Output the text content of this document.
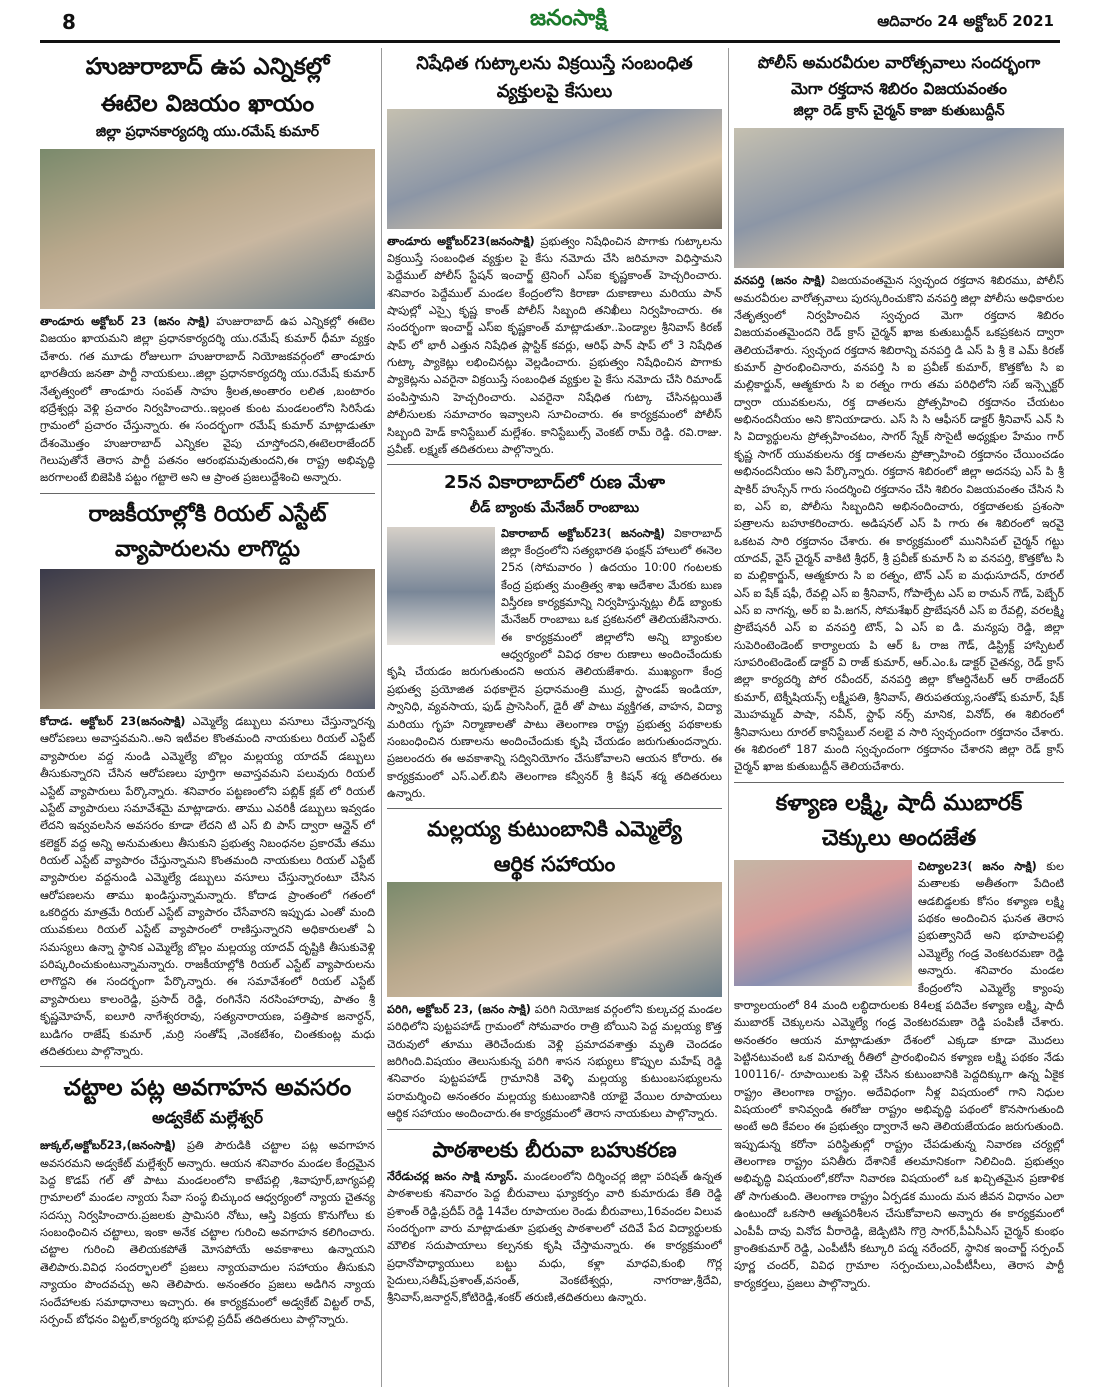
8	జనంసాక్షి	ఆదివారం 24 అక్టోబర్ 2021
హుజురాబాద్ ఉప ఎన్నికల్లో
ఈటెల విజయం ఖాయం
జిల్లా ప్రధానకార్యదర్శి యు.రమేష్ కుమార్
తాండూరు అక్టోబర్ 23 (జనం సాక్షి) హుజురాబాద్ ఉప ఎన్నికల్లో ఈటెల విజయం ఖాయమని జిల్లా ప్రధానకార్యదర్శి యు.రమేష్ కుమార్ ధీమా వ్యక్తం చేశారు. గత మూడు రోజులుగా హుజురాబాద్ నియోజకవర్గంలో తాండూరు భారతీయ జనతా పార్టీ నాయకులు..జిల్లా ప్రధానకార్యదర్శి యు.రమేష్ కుమార్ నేతృత్వంలో తాండూరు సంపత్ సాహు శ్రీలత,అంతారం లలిత ,బంటారం భద్రేశ్వర్లు వెళ్లి ప్రచారం నిర్వహించారు..ఇల్లంత కుంట మండలంలోని సిరిసేడు గ్రామంలో ప్రచారం చేస్తున్నారు. ఈ సందర్భంగా రమేష్ కుమార్ మాట్లాడుతూ దేశంమొత్తం హుజురాబాద్ ఎన్నికల వైపు చూస్తోందని,ఈటెలరాజేందర్ గెలుపుతోనే తెరాస పార్టీ పతనం ఆరంభమవుతుందని,ఈ రాష్ట్ర అభివృద్ధి జరగాలంటే బిజెపికి పట్టం గట్టాలె అని ఆ ప్రాంత ప్రజలుద్దేశించి అన్నారు.
రాజకీయాల్లోకి రియల్ ఎస్టేట్
వ్యాపారులను లాగొద్దు
కోదాడ. అక్టోబర్ 23(జనంసాక్షి) ఎమ్మెల్యే డబ్బులు వసూలు చేస్తున్నారన్న ఆరోపణలు అవాస్తవమని..అని ఇటీవల కొంతమంది నాయకులు రియల్ ఎస్టేట్ వ్యాపారుల వద్ద నుండి ఎమ్మెల్యే బొల్లం మల్లయ్య యాదవ్ డబ్బులు తీసుకున్నారని చేసిన ఆరోపణలు పూర్తిగా అవాస్తవమని పలువురు రియల్ ఎస్టేట్ వ్యాపారులు పేర్కొన్నారు. శనివారం పట్టణంలోని పబ్లిక్ క్లబ్ లో రియల్ ఎస్టేట్ వ్యాపారులు సమావేశమై మాట్లాడారు. తాము ఎవరికీ డబ్బులు ఇవ్వడం లేదని ఇవ్వవలసిన అవసరం కూడా లేదని టి ఎస్ బి పాస్ ద్వారా ఆన్లైన్ లో కలెక్టర్ వద్ద అన్ని అనుమతులు తీసుకుని ప్రభుత్వ నిబంధనల ప్రకారమే తము రియల్ ఎస్టేట్ వ్యాపారం చేస్తున్నామని కొంతమంది నాయకులు రియల్ ఎస్టేట్ వ్యాపారుల వద్దనుండి ఎమ్మెల్యే డబ్బులు వసూలు చేస్తున్నారంటూ చేసిన ఆరోపణలను తాము ఖండిస్తున్నామన్నారు. కోదాడ ప్రాంతంలో గతంలో ఒకరిద్దరు మాత్రమే రియల్ ఎస్టేట్ వ్యాపారం చేసేవారని ఇప్పుడు ఎంతో మంది యువకులు రియల్ ఎస్టేట్ వ్యాపారంలో రాణిస్తున్నారని అధికారులతో ఏ సమస్యలు ఉన్నా స్థానిక ఎమ్మెల్యే బొల్లం మల్లయ్య యాదవ్ దృష్టికి తీసుకువెళ్లి పరిష్కరించుకుంటున్నామన్నారు. రాజకీయాల్లోకి రియల్ ఎస్టేట్ వ్యాపారులను లాగొద్దని ఈ సందర్భంగా పేర్కొన్నారు. ఈ సమావేశంలో రియల్ ఎస్టేట్ వ్యాపారులు కాలంరెడ్డి, ప్రసాద్ రెడ్డి, రంగినేని నరసింహారావు, పాతం శ్రీ కృష్ణమోహన్, ఐలూరి నాగేశ్వరరావు, సత్యనారాయణ, పత్తిపాక జనార్ధన్, బుడిగం రాజేష్ కుమార్ ,మర్రి సంతోష్ ,వెంకటేశం, చింతకుంట్ల మధు తదితరులు పాల్గొన్నారు.
చట్టాల పట్ల అవగాహన అవసరం
అడ్వకేట్ మల్లేశ్వర్
జుక్కల్,అక్టోబర్23,(జనంసాక్షి) ప్రతి పౌరుడికి చట్టాల పట్ల అవగాహన అవసరమని అడ్వకేట్ మల్లేశ్వర్ అన్నారు. ఆయన శనివారం మండల కేంద్రమైన పెద్ద కొడప్ గల్ తో పాటు మండలంలోని కాటేపల్లి ,శివాపూర్,బాగ్యపల్లి గ్రామాలలో మండల న్యాయ సేవా సంస్థ బిచ్కుంద ఆధ్వర్యంలో న్యాయ చైతన్య సదస్సు నిర్వహించారు.ప్రజలకు ప్రామిసరి నోటు, ఆస్తి విక్రయ కొనుగోలు కు సంబంధించిన చట్టాలు, ఇంకా అనేక చట్టాల గురించి అవగాహన కలిగించారు. చట్టాల గురించి తెలియకపోతే మోసపోయే అవకాశాలు ఉన్నాయని తెలిపారు.వివిధ సందర్భాలలో ప్రజలు న్యాయవాదుల సహాయం తీసుకుని న్యాయం పొందవచ్చు అని తెలిపారు. అనంతరం ప్రజలు అడిగిన న్యాయ సందేహాలకు సమాధానాలు ఇచ్చారు. ఈ కార్యక్రమంలో అడ్వకేట్ విట్టల్ రావ్, సర్పంచ్ బోధనం విట్టల్,కార్యదర్శి భూపల్లి ప్రదీప్ తదితరులు పాల్గొన్నారు.
నిషేధిత గుట్కాలను విక్రయిస్తే సంబంధిత
వ్యక్తులపై కేసులు
తాండూరు అక్టోబర్23(జనంసాక్షి) ప్రభుత్వం నిషేధించిన పొగాకు గుట్కాలను విక్రయిస్తే సంబంధిత వ్యక్తుల పై కేసు నమోదు చేసి జరిమానా విధిస్తామని పెద్దేముల్ పోలీస్ స్టేషన్ ఇంచార్జ్ ట్రెనింగ్ ఎస్ఐ కృష్ణకాంత్ హెచ్చరించారు. శనివారం పెద్దేముల్ మండల కేంద్రంలోని కిరాణా దుకాణాలు మరియు పాన్ షాపుల్లో ఎస్సై కృష్ణ కాంత్ పోలీస్ సిబ్బంది తనిఖీలు నిర్వహించారు. ఈ సందర్భంగా ఇంచార్జ్ ఎస్ఐ కృష్ణకాంత్ మాట్లాడుతూ..పెండ్యాల శ్రీనివాస్ కిరణ్ షాప్ లో భారీ ఎత్తున నిషేధిత ప్లాస్టిక్ కవర్లు, ఆరిఫ్ పాన్ షాప్ లో 3 నిషేధిత గుట్కా ప్యాకెట్లు లభించినట్లు వెల్లడించారు. ప్రభుత్వం నిషేధించిన పొగాకు ప్యాకెట్లను ఎవరైనా విక్రయిస్తే సంబంధిత వ్యక్తుల పై కేసు నమోదు చేసి రిమాండ్ పంపిస్తామని హెచ్చరించారు. ఎవరైనా నిషేధిత గుట్కా చేసినట్లయితే పోలీసులకు సమాచారం ఇవ్వాలని సూచించారు. ఈ కార్యక్రమంలో పోలీస్ సిబ్బంది హెడ్ కానిస్టేబుల్ మల్లేశం. కానిస్టేబుల్స్ వెంకట్ రామ్ రెడ్డి. రవి.రాజు. ప్రవీణ్. లక్ష్మణ్ తదితరులు పాల్గొన్నారు.
25న వికారాబాద్‌లో రుణ మేళా
లీడ్ బ్యాంకు మేనేజర్ రాంబాబు
వికారాబాద్ అక్టోబర్23( జనంసాక్షి) వికారాబాద్ జిల్లా కేంద్రంలోని సత్యభారతి ఫంక్షన్ హాలులో ఈనెల 25న (సోమవారం ) ఉదయం 10:00 గంటలకు కేంద్ర ప్రభుత్వ మంత్రిత్వ శాఖ ఆదేశాల మేరకు బుణ విస్తీరణ కార్యక్రమాన్ని నిర్వహిస్తున్నట్లు లీడ్ బ్యాంకు మేనేజర్ రాంబాబు ఒక ప్రకటనలో తెలియజేసినారు. ఈ కార్యక్రమంలో జిల్లాలోని అన్ని బ్యాంకుల ఆధ్వర్యంలో వివిధ రకాల రుణాలు అందించేందుకు కృషి చేయడం జరుగుతుందని అయన తెలియజేశారు. ముఖ్యంగా కేంద్ర ప్రభుత్వ ప్రయోజిత పథకాలైన ప్రధానమంత్రి ముద్ర, స్టాండప్ ఇండియా, స్వానిధి, వ్యవసాయ, ఫుడ్ ప్రాసెసింగ్, డైరీ తో పాటు వ్యక్తిగత, వాహన, విద్యా మరియు గృహ నిర్మాణాలతో పాటు తెలంగాణ రాష్ట్ర ప్రభుత్వ పథకాలకు సంబంధించిన రుణాలను అందించేందుకు కృషి చేయడం జరుగుతుందన్నారు. ప్రజలందరు ఈ అవకాశాన్ని సద్వినియోగం చేసుకోవాలని ఆయన కోరారు. ఈ కార్యక్రమంలో ఎస్.ఎల్.బిసి తెలంగాణ కన్వీనర్ శ్రీ కిషన్ శర్మ తదితరులు ఉన్నారు.
మల్లయ్య కుటుంబానికి ఎమ్మెల్యే
ఆర్థిక సహాయం
పరిగి, అక్టోబర్ 23, (జనం సాక్షి) పరిగి నియోజక వర్గంలోని కుల్కచర్ల మండల పరిధిలోని పుట్టపహాడ్ గ్రామంలో సోమవారం రాత్రి బోయిని పెద్ద మల్లయ్య కొత్త చెరువులో తూము తెరిచేందుకు వెళ్లి ప్రమాదవశాత్తు మృతి చెందడం జరిగింది.విషయం తెలుసుకున్న పరిగి శాసన సభ్యులు కొప్పుల మహేష్ రెడ్డి శనివారం పుట్టపహాడ్ గ్రామానికి వెళ్ళి మల్లయ్య కుటుంబసభ్యులను పరామర్శించి అనంతరం మల్లయ్య కుటుంబానికి యాభై వేయిల రూపాయలు ఆర్థిక సహాయం అందించారు.ఈ కార్యక్రమంలో తెరాస నాయకులు పాల్గొన్నారు.
పాఠశాలకు బీరువా బహుకరణ
నేరేడుచర్ల జనం సాక్షి న్యూస్. మండలంలోని దిర్శించర్ల జిల్లా పరిషత్ ఉన్నత పాఠశాలకు శనివారం పెద్ద బీరువాలు ఘ్యాకర్పం వారి కుమారుడు కేతి రెడ్డి ప్రశాంత్ రెడ్డి,ప్రదీప్ రెడ్డి 14వేల రూపాయల రెండు బీరువాలు,16వందల విలువ సందర్భంగా వారు మాట్లాడుతూ ప్రభుత్వ పాఠశాలలో చదివే పేద విద్యార్థులకు మౌలిక సదుపాయాలు కల్పనకు కృషి చేస్తామన్నారు. ఈ కార్యక్రమంలో ప్రధానోపాధ్యాయులు బట్టు మధు, కళ్లా మాధవి,కుంభి గొర్ల సైదులు,సతీష్,ప్రశాంత్,వసంత్, వెంకటేశ్వర్లు, నాగరాజు,శ్రీదేవి, శ్రీనివాస్,జనార్దన్,కోటిరెడ్డి,శంకర్ తరుణి,తదితరులు ఉన్నారు.
పోలీస్ అమరవీరుల వారోత్సవాలు సందర్భంగా
మెగా రక్తదాన శిబిరం విజయవంతం
జిల్లా రెడ్ క్రాస్ చైర్మన్ కాజా కుతుబుద్దీన్
వనపర్తి (జనం సాక్షి) విజయవంతమైన స్వచ్ఛంద రక్తదాన శిబిరము, పోలీస్ అమరవీరుల వారోత్సవాలు పురస్కరించుకొని వనపర్తి జిల్లా పోలీసు అధికారుల నేతృత్వంలో నిర్వహించిన స్వచ్ఛంద మెగా రక్తదాన శిబిరం విజయవంతమైందని రెడ్ క్రాస్ చైర్మన్ ఖాజ కుతుబుద్దీన్ ఒకప్రకటన ద్వారా తెలియచేశారు. స్వచ్ఛంద రక్తదాన శిబిరాన్ని వనపర్తి డి ఎస్ పి శ్రీ కె ఎమ్ కిరణ్ కుమార్ ప్రారంభించినారు, వనపర్తి సి ఐ ప్రవీణ్ కుమార్, కొత్తకోట సి ఐ మల్లికార్జున్, ఆత్మకూరు సి ఐ రత్నం గారు తమ పరిధిలోని సబ్ ఇన్స్పెక్టర్ ద్వారా యువకులను, రక్త దాతలను ప్రోత్సహించి రక్తదానం చేయటం అభినందనీయం అని కొనియాడారు. ఎస్ సి సి ఆఫీసర్ డాక్టర్ శ్రీనివాస్ ఎన్ సి సి విద్యార్థులను ప్రోత్సహించటం, సాగర్ స్నేక్ సొసైటీ అధ్యక్షుల హేమం గార్ కృష్ణ సాగర్ యువకులను రక్త దాతలను ప్రోత్సాహించి రక్తదానం చేయించడం అభినందనీయం అని పేర్కొన్నారు. రక్తదాన శిబిరంలో జిల్లా అదనపు ఎస్ పి శ్రీ షాకిర్ హుస్సేన్ గారు సందర్శించి రక్తదానం చేసి శిబిరం విజయవంతం చేసిన సి ఐ, ఎస్ ఐ, పోలీసు సిబ్బందిని అభినందించారు, రక్తదాతలకు ప్రశంసా పత్రాలను బహూకరించారు. అడిషనల్ ఎస్ పి గారు ఈ శిబిరంలో ఇరవై ఒకటవ సారి రక్తదానం చేశారు. ఈ కార్యక్రమంలో మునిసిపల్ చైర్మన్ గట్టు యాదవ్, వైస్ చైర్మన్ వాకిటి శ్రీధర్, శ్రీ ప్రవీణ్ కుమార్ సి ఐ వనపర్తి, కొత్తకోట సి ఐ మల్లికార్జున్, ఆత్మకూరు సి ఐ రత్నం, టౌన్ ఎస్ ఐ మధుసూదన్, రూరల్ ఎస్ ఐ షేక్ షఫీ, రేవల్లి ఎస్ ఐ శ్రీనివాస్, గోపాల్పేట ఎస్ ఐ రామన్ గౌడ్, పెబ్బేర్ ఎస్ ఐ నాగన్న, అర్ ఐ పి.జగన్, సోమశేఖర్ ప్రొబేషనరీ ఎస్ ఐ రేవల్లి, వరలక్ష్మి ప్రొబేషనరీ ఎస్ ఐ వనపర్తి టౌన్, ఏ ఎస్ ఐ డి. మన్యపు రెడ్డి, జిల్లా సుపెరింటెండెంట్ కార్యాలయ పి ఆర్ ఓ రాజ గౌడ్, డిస్ట్రిక్ట్ హాస్పిటల్ సూపరింటెండెంట్ డాక్టర్ వి రాజ్ కుమార్, ఆర్.ఎం.ఓ డాక్టర్ చైతన్య, రెడ్ క్రాస్ జిల్లా కార్యదర్శి పోర రవీందర్, వనపర్తి జిల్లా కోఆర్డినేటర్ ఆర్ రాజేందర్ కుమార్, టెక్నీషియన్స్ లక్ష్మీపతి, శ్రీనివాస్, తిరుపతయ్య,సంతోష్ కుమార్, షేక్ మొహమ్మద్ పాషా, నవీన్, స్టాఫ్ నర్స్ మానిక, వినోద్, ఈ శిబిరంలో శ్రీనివాసులు రూరల్ కానిస్టేబుల్ నలభై వ సారి స్వచ్చందంగా రక్తదానం చేశారు. ఈ శిబిరంలో 187 మంది స్వచ్ఛందంగా రక్తదానం చేశారని జిల్లా రెడ్ క్రాస్ చైర్మన్ ఖాజ కుతుబుద్దీన్ తెలియచేశారు.
కళ్యాణ లక్ష్మి, షాదీ ముబారక్
చెక్కులు అందజేత
చిట్యాల23( జనం సాక్షి) కుల మతాలకు అతీతంగా పేదింటి ఆడబిడ్డలకు కోసం కళ్యాణ లక్ష్మి పథకం అందించిన ఘనత తెరాస ప్రభుత్వానిదే అని భూపాలపల్లి ఎమ్మెల్యే గండ్ర వెంకటరమణా రెడ్డి అన్నారు. శనివారం మండల కేంద్రంలోని ఎమ్మెల్యే క్యాంపు కార్యాలయంలో 84 మంది లబ్ధిదారులకు 84లక్ష పదివేల కళ్యాణ లక్ష్మి, షాదీ ముబారక్ చెక్కులను ఎమ్మెల్యే గండ్ర వెంకటరమణా రెడ్డి పంపిణీ చేశారు. అనంతరం ఆయన మాట్లాడుతూ దేశంలో ఎక్కడా కూడా మొదలు పెట్టినటువంటి ఒక వినూత్న రీతిలో ప్రారంభించిన కళ్యాణ లక్ష్మి పథకం నేడు 100116/- రూపాయిలకు పెళ్లి చేసిన కుటుంబానికి పెద్దదిక్కుగా ఉన్న ఏకైక రాష్ట్రం తెలంగాణ రాష్ట్రం. అదేవిధంగా నీళ్ల విషయంలో గాని నిధుల విషయంలో కానివ్వండి ఈరోజు రాష్ట్రం అభివృద్ధి పథంలో కొనసాగుతుంది అంటే అది కేవలం ఈ ప్రభుత్వం ద్వారానే అని తెలియజేయడం జరుగుతుంది. ఇప్పుడున్న కరోనా పరిస్థితుల్లో రాష్ట్రం చేపడుతున్న నివారణ చర్యల్లో తెలంగాణ రాష్ట్రం పనితీరు దేశానికే తలమానికంగా నిలిచింది. ప్రభుత్వం అభివృద్ధి విషయంలో,కరోనా నివారణ విషయంలో ఒక ఖచ్చితమైన ప్రణాళిక తో సాగుతుంది. తెలంగాణ రాష్ట్రం ఏర్పడక ముందు మన జీవన విధానం ఎలా ఉంటుందో ఒకసారి ఆత్మపరిశీలన చేసుకోవాలని అన్నారు ఈ కార్యక్రమంలో ఎంపీపీ దావు వినోద వీరారెడ్డి, జెడ్పిటిసి గొర్రె సాగర్,పీఏసీఎస్ చైర్మన్ కుంభం క్రాంతికుమార్ రెడ్డి, ఎంపీటీసీ కట్కూరి పద్మ నరేందర్, స్థానిక ఇంచార్జ్ సర్పంచ్ పూర్ణ చందర్, వివిధ గ్రామాల సర్పంచులు,ఎంపీటీసీలు, తెరాస పార్టీ కార్యకర్తలు, ప్రజలు పాల్గొన్నారు.
